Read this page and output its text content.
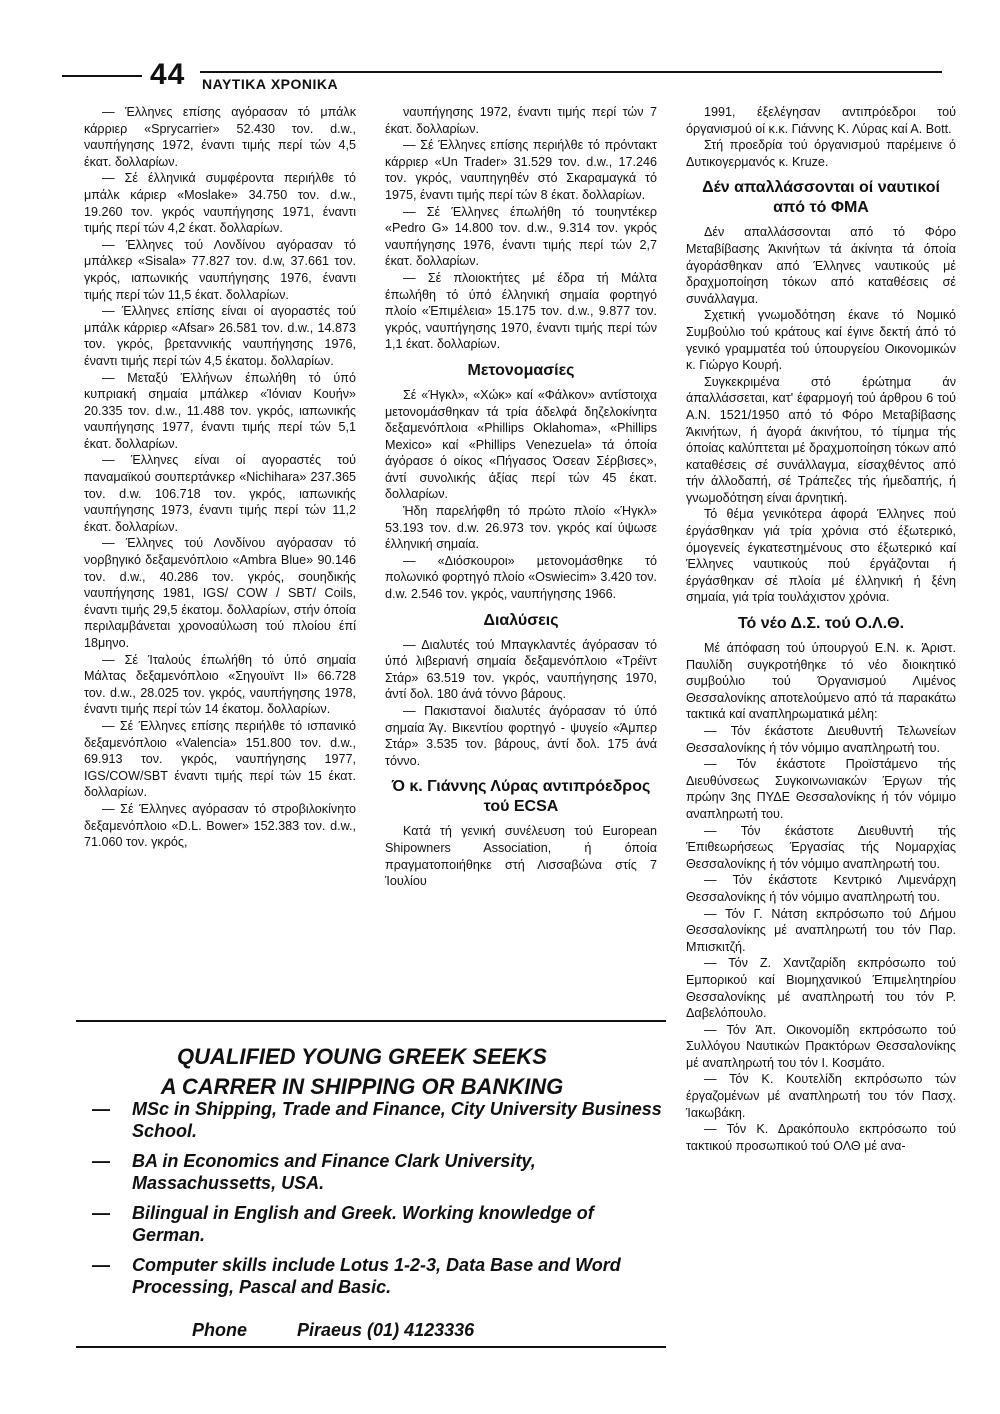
44 ΝΑΥΤΙΚΑ ΧΡΟΝΙΚΑ

— Έλληνες επίσης αγόρασαν τό μπάλκ κάρριερ «Sprycarrier» 52.430 τον. d.w., ναυπήγησης 1972, έναντι τιμής περί τών 4,5 έκατ. δολλαρίων.

— Σέ έλληνικά συμφέροντα περιήλθε τό μπάλκ κάριερ «Moslake» 34.750 τον. d.w., 19.260 τον. γκρός ναυπήγησης 1971, έναντι τιμής περί τών 4,2 έκατ. δολλαρίων.

— Έλληνες τού Λονδίνου αγόρασαν τό μπάλκερ «Sisala» 77.827 τον. d.w, 37.661 τον. γκρός, ιαπωνικής ναυπήγησης 1976, έναντι τιμής περί τών 11,5 έκατ. δολλαρίων.

— Έλληνες επίσης είναι οί αγοραστές τού μπάλκ κάρριερ «Afsar» 26.581 τον. d.w., 14.873 τον. γκρός, βρεταννικής ναυπήγησης 1976, έναντι τιμής περί τών 4,5 έκατομ. δολλαρίων.

— Μεταξύ Έλλήνων έπωλήθη τό ύπό κυπριακή σημαία μπάλκερ «Ίόνιαν Κουήν» 20.335 τον. d.w., 11.488 τον. γκρός, ιαπωνικής ναυπήγησης 1977, έναντι τιμής περί τών 5,1 έκατ. δολλαρίων.

— Έλληνες είναι οί αγοραστές τού παναμαϊκού σουπερτάνκερ «Nichihara» 237.365 τον. d.w. 106.718 τον. γκρός, ιαπωνικής ναυπήγησης 1973, έναντι τιμής περί τών 11,2 έκατ. δολλαρίων.

— Έλληνες τού Λονδίνου αγόρασαν τό νορβηγικό δεξαμενόπλοιο «Ambra Blue» 90.146 τον. d.w., 40.286 τον. γκρός, σουηδικής ναυπήγησης 1981, IGS/ COW / SBT/ Coils, έναντι τιμής 29,5 έκατομ. δολλαρίων, στήν όποία περιλαμβάνεται χρονοαύλωση τού πλοίου έπί 18μηνο.

— Σέ Ίταλούς έπωλήθη τό ύπό σημαία Μάλτας δεξαμενόπλοιο «Σηγουϊντ ΙΙ» 66.728 τον. d.w., 28.025 τον. γκρός, ναυπήγησης 1978, έναντι τιμής περί τών 14 έκατομ. δολλαρίων.

— Σέ Έλληνες επίσης περιήλθε τό ισπανικό δεξαμενόπλοιο «Valencia» 151.800 τον. d.w., 69.913 τον. γκρός, ναυπήγησης 1977, IGS/COW/SBT έναντι τιμής περί τών 15 έκατ. δολλαρίων.

— Σέ Έλληνες αγόρασαν τό στροβιλοκίνητο δεξαμενόπλοιο «D.L. Bower» 152.383 τον. d.w., 71.060 τον. γκρός,

ναυπήγησης 1972, έναντι τιμής περί τών 7 έκατ. δολλαρίων.

— Σέ Έλληνες επίσης περιήλθε τό πρόντακτ κάρριερ «Un Trader» 31.529 τον. d.w., 17.246 τον. γκρός, ναυπηγηθέν στό Σκαραμαγκά τό 1975, έναντι τιμής περί τών 8 έκατ. δολλαρίων.

— Σέ Έλληνες έπωλήθη τό τουηντέκερ «Pedro G» 14.800 τον. d.w., 9.314 τον. γκρός ναυπήγησης 1976, έναντι τιμής περί τών 2,7 έκατ. δολλαρίων.

— Σέ πλοιοκτήτες μέ έδρα τή Μάλτα έπωλήθη τό ύπό έλληνική σημαία φορτηγό πλοίο «Έπιμέλεια» 15.175 τον. d.w., 9.877 τον. γκρός, ναυπήγησης 1970, έναντι τιμής περί τών 1,1 έκατ. δολλαρίων.

Μετονομασίες

Σέ «Ήγκλ», «Χώκ» καί «Φάλκον» αντίστοιχα μετονομάσθηκαν τά τρία άδελφά δηζελοκίνητα δεξαμενόπλοια «Phillips Oklahoma», «Phillips Mexico» καί «Phillips Venezuela» τά όποία άγόρασε ό οίκος «Πήγασος Όσεαν Σέρβισες», άντί συνολικής άξίας περί τών 45 έκατ. δολλαρίων.

Ήδη παρελήφθη τό πρώτο πλοίο «Ήγκλ» 53.193 τον. d.w. 26.973 τον. γκρός καί ύψωσε έλληνική σημαία.

— «Διόσκουροι» μετονομάσθηκε τό πολωνικό φορτηγό πλοίο «Oswiecim» 3.420 τον. d.w. 2.546 τον. γκρός, ναυπήγησης 1966.

Διαλύσεις

— Διαλυτές τού Μπαγκλαντές άγόρασαν τό ύπό λιβεριανή σημαία δεξαμενόπλοιο «Τρέϊντ Στάρ» 63.519 τον. γκρός, ναυπήγησης 1970, άντί δολ. 180 άνά τόννο βάρους.

— Πακιστανοί διαλυτές άγόρασαν τό ύπό σημαία Άγ. Βικεντίου φορτηγό - ψυγείο «Άμπερ Στάρ» 3.535 τον. βάρους, άντί δολ. 175 άνά τόννο.

Ό κ. Γιάννης Λύρας αντιπρόεδρος τού ECSA

Κατά τή γενική συνέλευση τού European Shipowners Association, ή όποία πραγματοποιήθηκε στή Λισσαβώνα στίς 7 Ίουλίου

1991, έξελέγησαν αντιπρόεδροι τού όργανισμού οί κ.κ. Γιάννης Κ. Λύρας καί Α. Bott.

Στή προεδρία τού όργανισμού παρέμεινε ό Δυτικογερμανός κ. Kruze.

Δέν απαλλάσσονται οί ναυτικοί από τό ΦΜΑ

Δέν απαλλάσσονται από τό Φόρο Μεταβίβασης Άκινήτων τά άκίνητα τά όποία άγοράσθηκαν από Έλληνες ναυτικούς μέ δραχμοποίηση τόκων από καταθέσεις σέ συνάλλαγμα.

Σχετική γνωμοδότηση έκανε τό Νομικό Συμβούλιο τού κράτους καί έγινε δεκτή άπό τό γενικό γραμματέα τού ύπουργείου Οικονομικών κ. Γιώργο Κουρή.

Συγκεκριμένα στό έρώτημα άν άπαλλάσσεται, κατ' έφαρμογή τού άρθρου 6 τού Α.Ν. 1521/1950 από τό Φόρο Μεταβίβασης Άκινήτων, ή άγορά άκινήτου, τό τίμημα τής όποίας καλύπτεται μέ δραχμοποίηση τόκων από καταθέσεις σέ συνάλλαγμα, είσαχθέντος από τήν άλλοδαπή, σέ Τράπεζες τής ήμεδαπής, ή γνωμοδότηση είναι άρνητική.

Τό θέμα γενικότερα άφορά Έλληνες πού έργάσθηκαν γιά τρία χρόνια στό έξωτερικό, όμογενείς έγκατεστημένους στο έξωτερικό καί Έλληνες ναυτικούς πού έργάζονται ή έργάσθηκαν σέ πλοία μέ έλληνική ή ξένη σημαία, γιά τρία τουλάχιστον χρόνια.

Τό νέο Δ.Σ. τού Ο.Λ.Θ.

Μέ άπόφαση τού ύπουργού Ε.Ν. κ. Άριστ. Παυλίδη συγκροτήθηκε τό νέο διοικητικό συμβούλιο τού Όργανισμού Λιμένος Θεσσαλονίκης αποτελούμενο από τά παρακάτω τακτικά καί αναπληρωματικά μέλη:

— Τόν έκάστοτε Διευθυντή Τελωνείων Θεσσαλονίκης ή τόν νόμιμο αναπληρωτή του.

— Τόν έκάστοτε Προϊστάμενο τής Διευθύνσεως Συγκοινωνιακών Έργων τής πρώην 3ης ΠΥΔΕ Θεσσαλονίκης ή τόν νόμιμο αναπληρωτή του.

— Τόν έκάστοτε Διευθυντή τής Έπιθεωρήσεως Έργασίας τής Νομαρχίας Θεσσαλονίκης ή τόν νόμιμο αναπληρωτή του.

— Τόν έκάστοτε Κεντρικό Λιμενάρχη Θεσσαλονίκης ή τόν νόμιμο αναπληρωτή του.

— Τόν Γ. Νάτση εκπρόσωπο τού Δήμου Θεσσαλονίκης μέ αναπληρωτή του τόν Παρ. Μπισκιτζή.

— Τόν Ζ. Χαντζαρίδη εκπρόσωπο τού Εμπορικού καί Βιομηχανικού Έπιμελητηρίου Θεσσαλονίκης μέ αναπληρωτή του τόν Ρ. Δαβελόπουλο.

— Τόν Άπ. Οικονομίδη εκπρόσωπο τού Συλλόγου Ναυτικών Πρακτόρων Θεσσαλονίκης μέ αναπληρωτή του τόν Ι. Κοσμάτο.

— Τόν Κ. Κουτελίδη εκπρόσωπο τών έργαζομένων μέ αναπληρωτή του τόν Πασχ. Ίακωβάκη.

— Τόν Κ. Δρακόπουλο εκπρόσωπο τού τακτικού προσωπικού τού ΟΛΘ μέ ανα-

QUALIFIED YOUNG GREEK SEEKS
A CARRER IN SHIPPING OR BANKING
— MSc in Shipping, Trade and Finance, City University Business School.
— BA in Economics and Finance Clark University, Massachussetts, USA.
— Bilingual in English and Greek. Working knowledge of German.
— Computer skills include Lotus 1-2-3, Data Base and Word Processing, Pascal and Basic.
Phone	Piraeus (01) 4123336
